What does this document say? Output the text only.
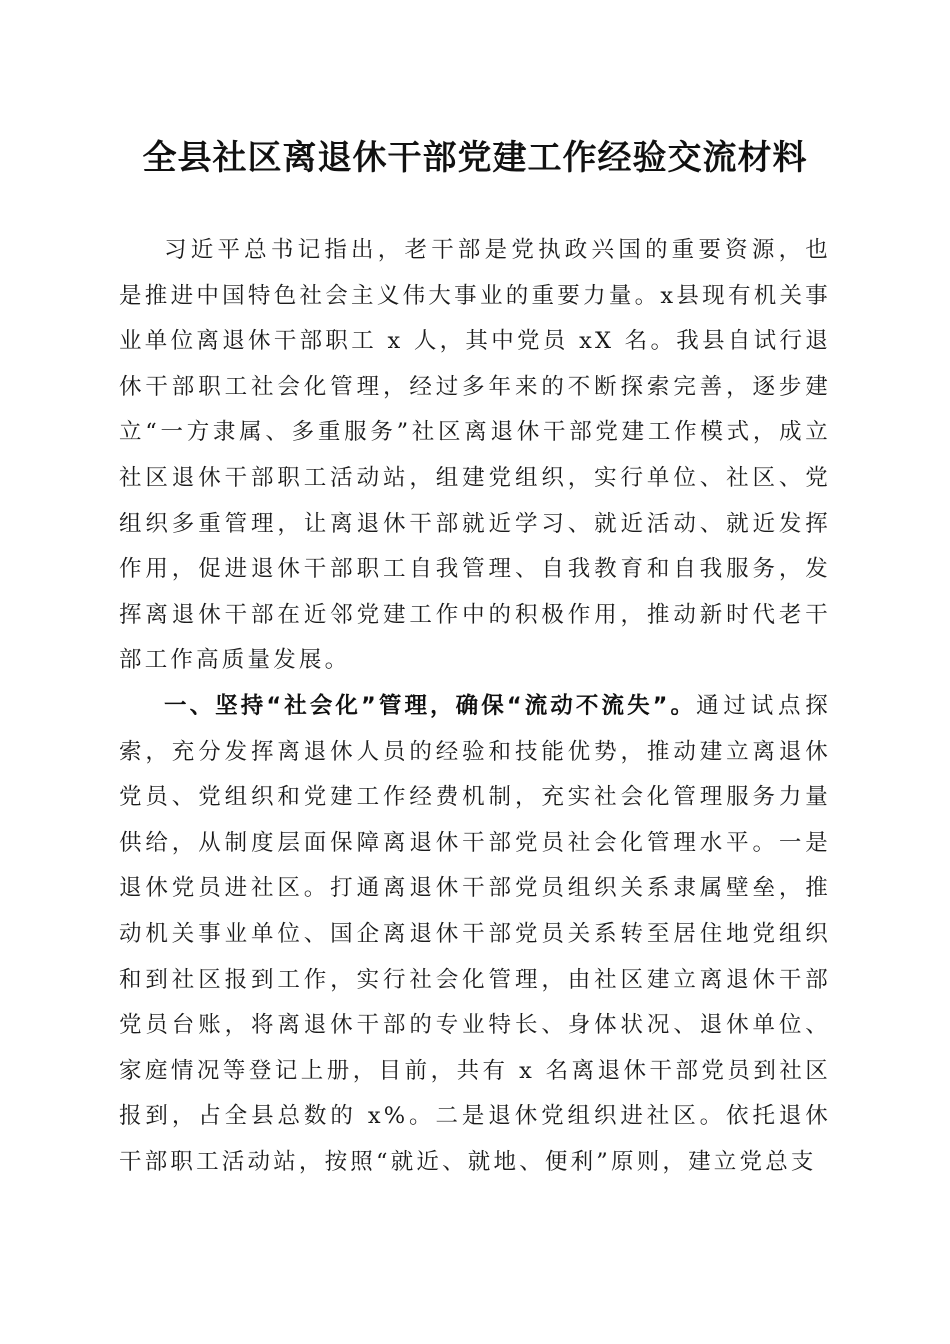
全县社区离退休干部党建工作经验交流材料

习近平总书记指出，老干部是党执政兴国的重要资源，也是推进中国特色社会主义伟大事业的重要力量。x县现有机关事业单位离退休干部职工 x 人，其中党员 xX 名。我县自试行退休干部职工社会化管理，经过多年来的不断探索完善，逐步建立“一方隶属、多重服务”社区离退休干部党建工作模式，成立社区退休干部职工活动站，组建党组织，实行单位、社区、党组织多重管理，让离退休干部就近学习、就近活动、就近发挥作用，促进退休干部职工自我管理、自我教育和自我服务，发挥离退休干部在近邻党建工作中的积极作用，推动新时代老干部工作高质量发展。

一、坚持“社会化”管理，确保“流动不流失”。通过试点探索，充分发挥离退休人员的经验和技能优势，推动建立离退休党员、党组织和党建工作经费机制，充实社会化管理服务力量供给，从制度层面保障离退休干部党员社会化管理水平。一是退休党员进社区。打通离退休干部党员组织关系隶属壁垒，推动机关事业单位、国企离退休干部党员关系转至居住地党组织和到社区报到工作，实行社会化管理，由社区建立离退休干部党员台账，将离退休干部的专业特长、身体状况、退休单位、家庭情况等登记上册，目前，共有 x 名离退休干部党员到社区报到，占全县总数的 x%。二是退休党组织进社区。依托退休干部职工活动站，按照“就近、就地、便利”原则，建立党总支
